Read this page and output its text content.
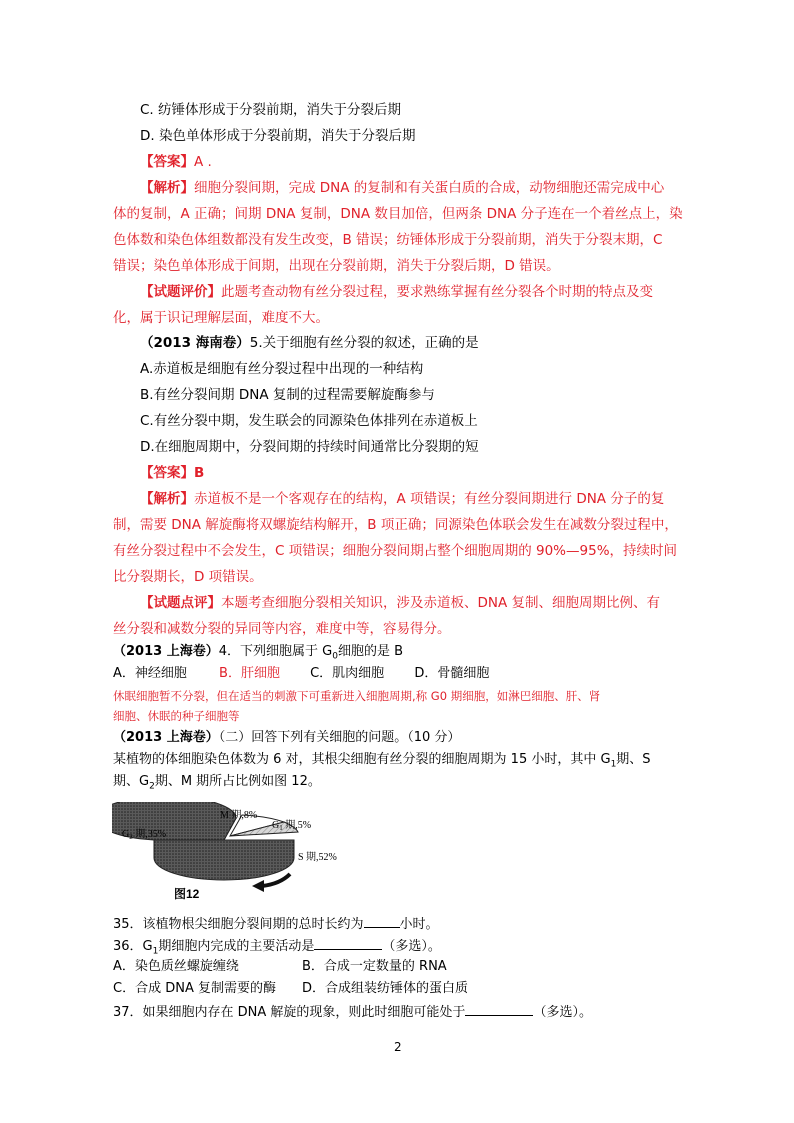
C. 纺锤体形成于分裂前期，消失于分裂后期
D. 染色单体形成于分裂前期，消失于分裂后期
【答案】A .
【解析】细胞分裂间期，完成 DNA 的复制和有关蛋白质的合成，动物细胞还需完成中心
体的复制，A 正确；间期 DNA 复制，DNA 数目加倍，但两条 DNA 分子连在一个着丝点上，染
色体数和染色体组数都没有发生改变，B 错误；纺锤体形成于分裂前期，消失于分裂末期，C
错误；染色单体形成于间期，出现在分裂前期，消失于分裂后期，D 错误。
【试题评价】此题考查动物有丝分裂过程，要求熟练掌握有丝分裂各个时期的特点及变
化，属于识记理解层面，难度不大。
（2013 海南卷）5.关于细胞有丝分裂的叙述，正确的是
A.赤道板是细胞有丝分裂过程中出现的一种结构
B.有丝分裂间期 DNA 复制的过程需要解旋酶参与
C.有丝分裂中期，发生联会的同源染色体排列在赤道板上
D.在细胞周期中，分裂间期的持续时间通常比分裂期的短
【答案】B
【解析】赤道板不是一个客观存在的结构，A 项错误；有丝分裂间期进行 DNA 分子的复
制，需要 DNA 解旋酶将双螺旋结构解开，B 项正确；同源染色体联会发生在减数分裂过程中，
有丝分裂过程中不会发生，C 项错误；细胞分裂间期占整个细胞周期的 90%—95%，持续时间
比分裂期长，D 项错误。
【试题点评】本题考查细胞分裂相关知识，涉及赤道板、DNA 复制、细胞周期比例、有
丝分裂和减数分裂的异同等内容，难度中等，容易得分。
（2013 上海卷）4．下列细胞属于 $G_0$细胞的是 B
A．神经细胞 B．肝细胞 C．肌肉细胞 D．骨髓细胞
休眠细胞暂不分裂，但在适当的刺激下可重新进入细胞周期,称 G0 期细胞，如淋巴细胞、肝、肾
细胞、休眠的种子细胞等
（2013 上海卷）（二）回答下列有关细胞的问题。（10 分）
某植物的体细胞染色体数为 6 对，其根尖细胞有丝分裂的细胞周期为 15 小时，其中 $G_1$期、S
期、$G_2$期、M 期所占比例如图 12。
M 期,8%
$G_1$ 期,5%
$G_2$ 期,35%
S 期,52%
图12
35．该植物根尖细胞分裂间期的总时长约为	小时。
36．$G_1$期细胞内完成的主要活动是	（多选）。
A．染色质丝螺旋缠绕	B．合成一定数量的 RNA
C．合成 DNA 复制需要的酶 D．合成组装纺锤体的蛋白质
37．如果细胞内存在 DNA 解旋的现象，则此时细胞可能处于	（多选）。
2
